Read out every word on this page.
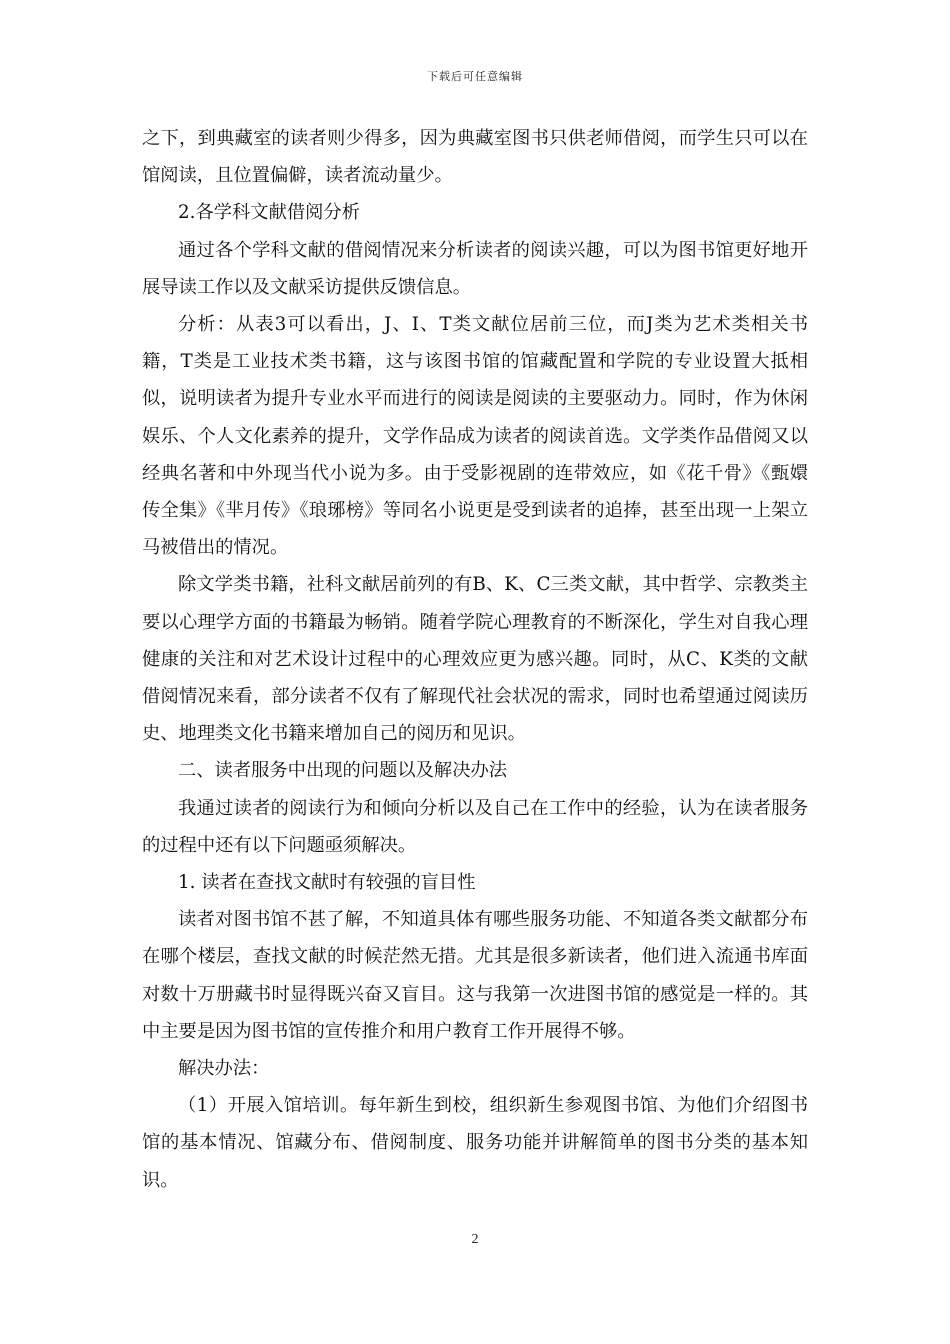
下载后可任意编辑

之下，到典藏室的读者则少得多，因为典藏室图书只供老师借阅，而学生只可以在馆阅读，且位置偏僻，读者流动量少。

2.各学科文献借阅分析

通过各个学科文献的借阅情况来分析读者的阅读兴趣，可以为图书馆更好地开展导读工作以及文献采访提供反馈信息。

分析：从表3可以看出，J、I、T类文献位居前三位，而J类为艺术类相关书籍，T类是工业技术类书籍，这与该图书馆的馆藏配置和学院的专业设置大抵相似，说明读者为提升专业水平而进行的阅读是阅读的主要驱动力。同时，作为休闲娱乐、个人文化素养的提升，文学作品成为读者的阅读首选。文学类作品借阅又以经典名著和中外现当代小说为多。由于受影视剧的连带效应，如《花千骨》《甄嬛传全集》《芈月传》《琅琊榜》等同名小说更是受到读者的追捧，甚至出现一上架立马被借出的情况。

除文学类书籍，社科文献居前列的有B、K、C三类文献，其中哲学、宗教类主要以心理学方面的书籍最为畅销。随着学院心理教育的不断深化，学生对自我心理健康的关注和对艺术设计过程中的心理效应更为感兴趣。同时，从C、K类的文献借阅情况来看，部分读者不仅有了解现代社会状况的需求，同时也希望通过阅读历史、地理类文化书籍来增加自己的阅历和见识。

二、读者服务中出现的问题以及解决办法

我通过读者的阅读行为和倾向分析以及自己在工作中的经验，认为在读者服务的过程中还有以下问题亟须解决。

1. 读者在查找文献时有较强的盲目性

读者对图书馆不甚了解，不知道具体有哪些服务功能、不知道各类文献都分布在哪个楼层，查找文献的时候茫然无措。尤其是很多新读者，他们进入流通书库面对数十万册藏书时显得既兴奋又盲目。这与我第一次进图书馆的感觉是一样的。其中主要是因为图书馆的宣传推介和用户教育工作开展得不够。

解决办法：

（1）开展入馆培训。每年新生到校，组织新生参观图书馆、为他们介绍图书馆的基本情况、馆藏分布、借阅制度、服务功能并讲解简单的图书分类的基本知识。

2
